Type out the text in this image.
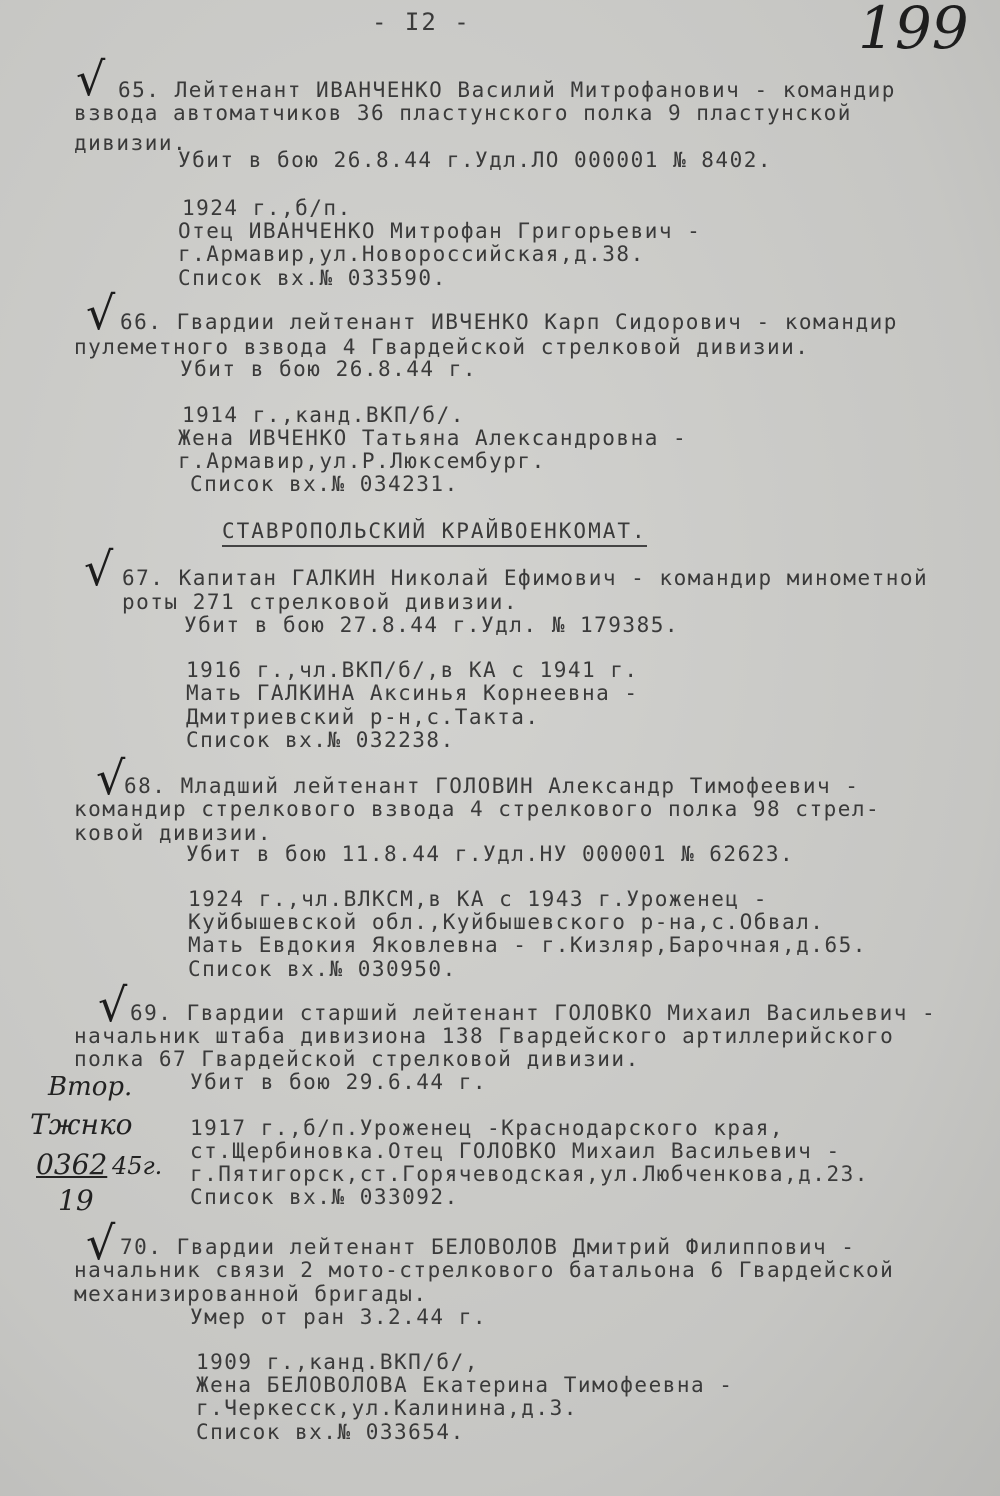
- I2 -	199
√ 65. Лейтенант ИВАНЧЕНКО Василий Митрофанович - командир
взвода автоматчиков 36 пластунского полка 9 пластунской
дивизии.
Убит в бою 26.8.44 г.Удл.ЛО 000001 № 8402.
1924 г.,б/п.
Отец ИВАНЧЕНКО Митрофан Григорьевич -
г.Армавир,ул.Новороссийская,д.38.
Список вх.№ 033590.
√ 66. Гвардии лейтенант ИВЧЕНКО Карп Сидорович - командир
пулеметного взвода 4 Гвардейской стрелковой дивизии.
Убит в бою 26.8.44 г.
1914 г.,канд.ВКП/б/.
Жена ИВЧЕНКО Татьяна Александровна -
г.Армавир,ул.Р.Люксембург.
Список вх.№ 034231.
СТАВРОПОЛЬСКИЙ КРАЙВОЕНКОМАТ.
√ 67. Капитан ГАЛКИН Николай Ефимович - командир минометной роты 271 стрелковой дивизии.
Убит в бою 27.8.44 г.Удл. № 179385.
1916 г.,чл.ВКП/б/,в КА с 1941 г.
Мать ГАЛКИНА Аксинья Корнеевна -
Дмитриевский р-н,с.Такта.
Список вх.№ 032238.
√
68. Младший лейтенант ГОЛОВИН Александр Тимофеевич -
командир стрелкового взвода 4 стрелкового полка 98 стрел-
ковой дивизии.
Убит в бою 11.8.44 г.Удл.НУ 000001 № 62623.
1924 г.,чл.ВЛКСМ,в КА с 1943 г.Уроженец -
Куйбышевской обл.,Куйбышевского р-на,с.Обвал.
Мать Евдокия Яковлевна - г.Кизляр,Барочная,д.65.
Список вх.№ 030950.
√ 69. Гвардии старший лейтенант ГОЛОВКО Михаил Васильевич -
начальник штаба дивизиона 138 Гвардейского артиллерийского
полка 67 Гвардейской стрелковой дивизии.
Убит в бою 29.6.44 г.
1917 г.,б/п.Уроженец -Краснодарского края,
ст.Щербиновка.Отец ГОЛОВКО Михаил Васильевич -
г.Пятигорск,ст.Горячеводская,ул.Любченкова,д.23.
Список вх.№ 033092.
Втор.
Тжнко
0362 45г.
19
√ 70. Гвардии лейтенант БЕЛОВОЛОВ Дмитрий Филиппович -
начальник связи 2 мото-стрелкового батальона 6 Гвардейской
механизированной бригады.
Умер от ран 3.2.44 г.
1909 г.,канд.ВКП/б/,
Жена БЕЛОВОЛОВА Екатерина Тимофеевна -
г.Черкесск,ул.Калинина,д.3.
Список вх.№ 033654.
